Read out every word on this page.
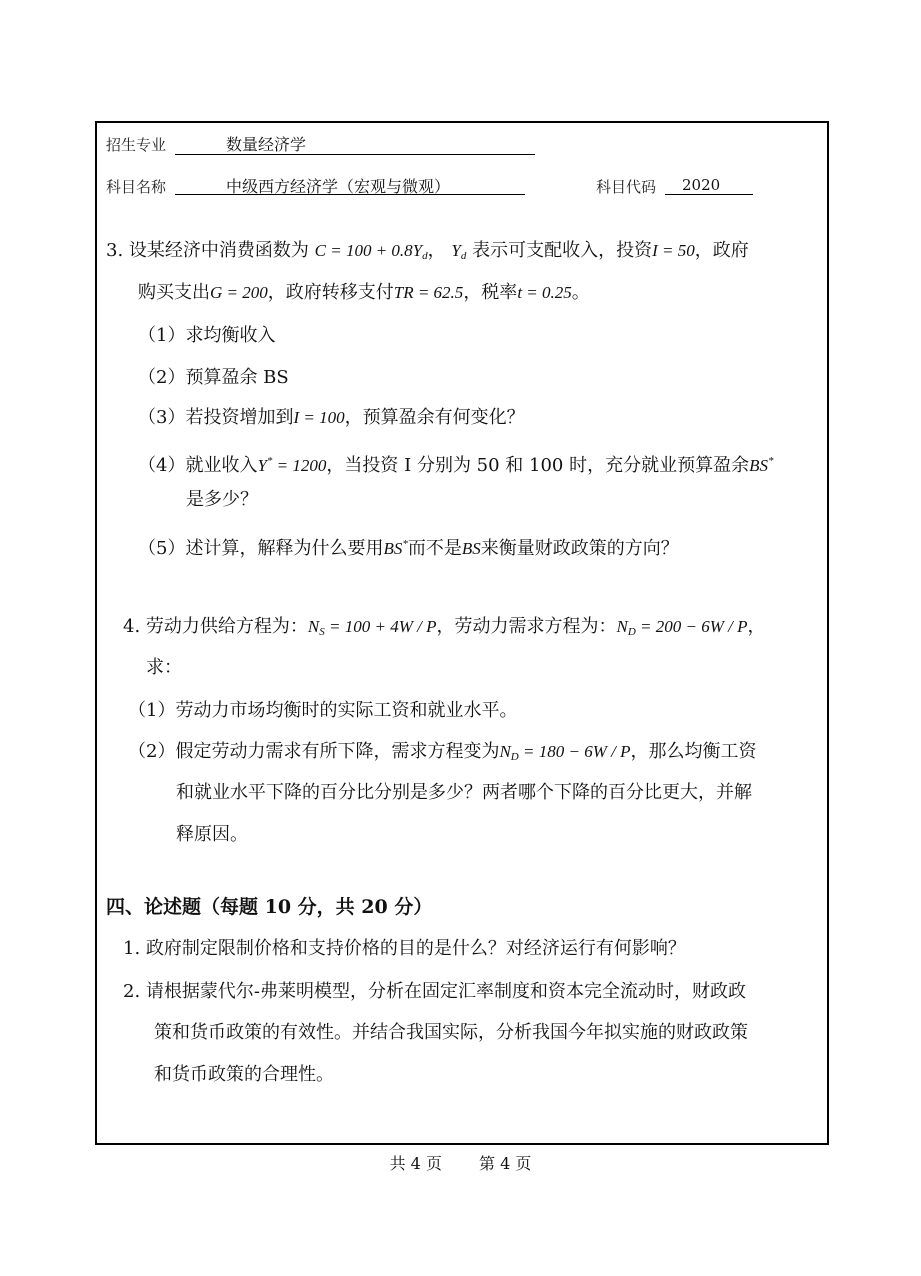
招生专业	数量经济学
科目名称	中级西方经济学（宏观与微观）	科目代码 2020
3. 设某经济中消费函数为 $C = 100 + 0.8Y_d$， $Y_d$ 表示可支配收入，投资I = 50，政府
购买支出G = 200，政府转移支付TR = 62.5，税率t = 0.25。
（1）求均衡收入
（2）预算盈余 BS
（3）若投资增加到I = 100，预算盈余有何变化？
（4）就业收入Y* = 1200，当投资 I 分别为 50 和 100 时，充分就业预算盈余BS*
是多少？
（5）述计算，解释为什么要用BS*而不是BS来衡量财政政策的方向？
4. 劳动力供给方程为：$N_S = 100 + 4W / P$，劳动力需求方程为：$N_D = 200 - 6W / P$，
求：
（1）劳动力市场均衡时的实际工资和就业水平。
（2）假定劳动力需求有所下降，需求方程变为$N_D = 180 - 6W / P$，那么均衡工资
和就业水平下降的百分比分别是多少？两者哪个下降的百分比更大，并解
释原因。
四、论述题（每题 10 分，共 20 分）
1. 政府制定限制价格和支持价格的目的是什么？对经济运行有何影响？
2. 请根据蒙代尔-弗莱明模型，分析在固定汇率制度和资本完全流动时，财政政
策和货币政策的有效性。并结合我国实际，分析我国今年拟实施的财政政策
和货币政策的合理性。
共 4 页 第 4 页
